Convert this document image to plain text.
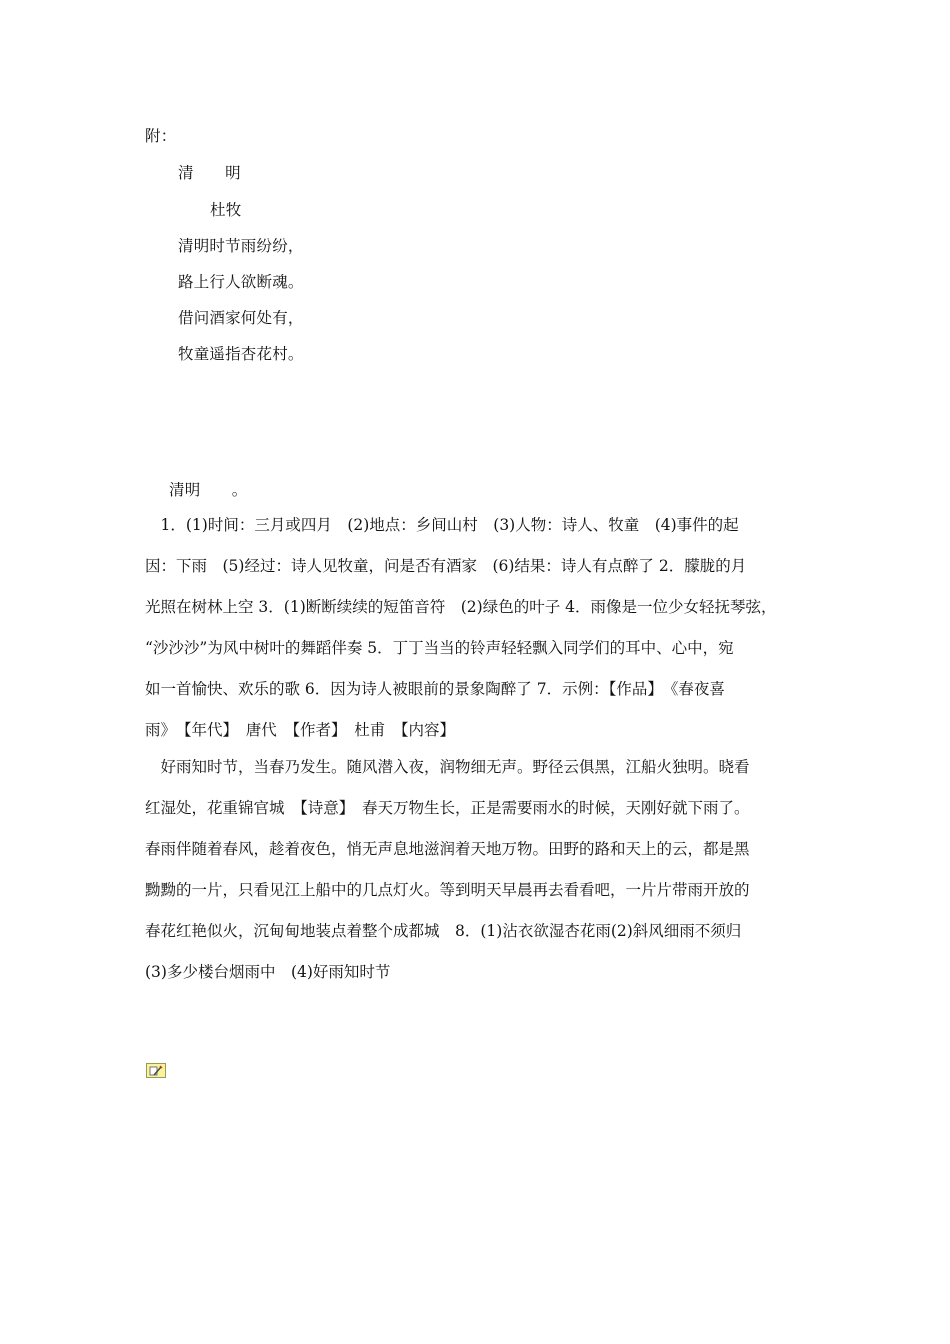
附：
清　　明
杜牧
清明时节雨纷纷，
路上行人欲断魂。
借问酒家何处有，
牧童遥指杏花村。
清明　　。
　1．(1)时间：三月或四月　(2)地点：乡间山村　(3)人物：诗人、牧童　(4)事件的起
因：下雨　(5)经过：诗人见牧童，问是否有酒家　(6)结果：诗人有点醉了 2．朦胧的月
光照在树林上空 3．(1)断断续续的短笛音符　(2)绿色的叶子 4．雨像是一位少女轻抚琴弦，
“沙沙沙”为风中树叶的舞蹈伴奏 5．丁丁当当的铃声轻轻飘入同学们的耳中、心中，宛
如一首愉快、欢乐的歌 6．因为诗人被眼前的景象陶醉了 7．示例：【作品】　《春夜喜
雨》　【年代】　唐代　【作者】　杜甫　【内容】
　好雨知时节，当春乃发生。随风潜入夜，润物细无声。野径云俱黑，江船火独明。晓看
红湿处，花重锦官城　【诗意】　春天万物生长，正是需要雨水的时候，天刚好就下雨了。
春雨伴随着春风，趁着夜色，悄无声息地滋润着天地万物。田野的路和天上的云，都是黑
黝黝的一片，只看见江上船中的几点灯火。等到明天早晨再去看看吧，一片片带雨开放的
春花红艳似火，沉甸甸地装点着整个成都城　8．(1)沾衣欲湿杏花雨(2)斜风细雨不须归
(3)多少楼台烟雨中　(4)好雨知时节
